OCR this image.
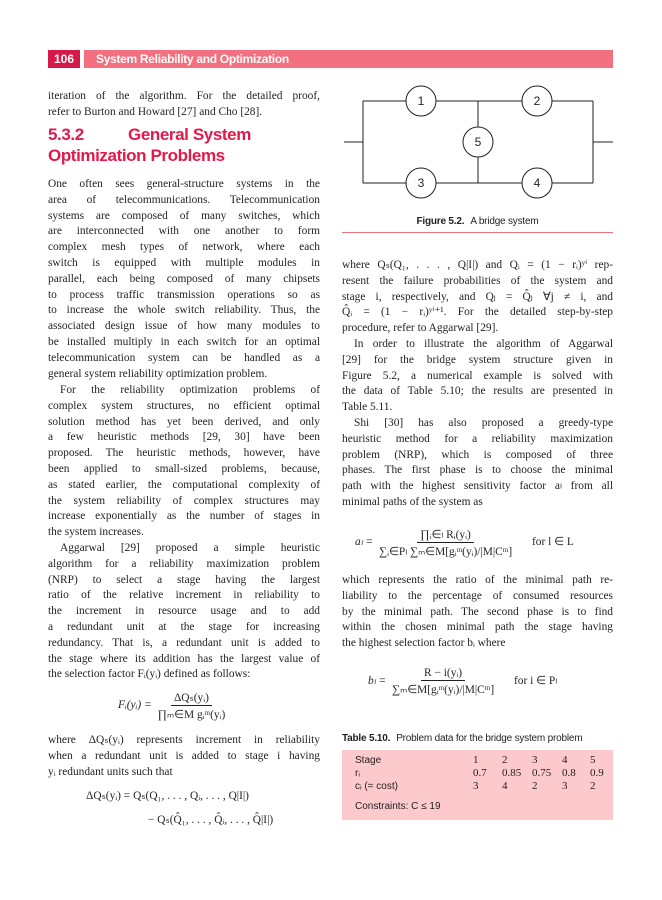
106	System Reliability and Optimization
iteration of the algorithm. For the detailed proof,
refer to Burton and Howard [27] and Cho [28].
5.3.2	General System Optimization Problems
One often sees general-structure systems in the
area of telecommunications. Telecommunication
systems are composed of many switches, which
are interconnected with one another to form
complex mesh types of network, where each
switch is equipped with multiple modules in
parallel, each being composed of many chipsets
to process traffic transmission operations so as
to increase the whole switch reliability. Thus, the
associated design issue of how many modules to
be installed multiply in each switch for an optimal
telecommunication system can be handled as a
general system reliability optimization problem.
For the reliability optimization problems of
complex system structures, no efficient optimal
solution method has yet been derived, and only
a few heuristic methods [29, 30] have been
proposed. The heuristic methods, however, have
been applied to small-sized problems, because,
as stated earlier, the computational complexity of
the system reliability of complex structures may
increase exponentially as the number of stages in
the system increases.
Aggarwal [29] proposed a simple heuristic
algorithm for a reliability maximization problem
(NRP) to select a stage having the largest
ratio of the relative increment in reliability to
the increment in resource usage and to add
a redundant unit at the stage for increasing
redundancy. That is, a redundant unit is added to
the stage where its addition has the largest value of
the selection factor Fᵢ(yᵢ) defined as follows:
Fᵢ(yᵢ) = $\frac{\text{ΔQₛ(yᵢ)}}{\text{∏ₘ∈M gᵢᵐ(yᵢ)}}$
where ΔQₛ(yᵢ) represents increment in reliability
when a redundant unit is added to stage i having
yᵢ redundant units such that
ΔQₛ(yᵢ) = Qₛ(Q₁, . . . , Qᵢ, . . . , Q|I|)
− Qₛ(Q̂₁, . . . , Q̂ᵢ, . . . , Q̂|I|)
1	2
3	4
5
Figure 5.2. A bridge system
where Qₛ(Q₁, . . . , Q|I|) and Qᵢ = (1 − rᵢ)ʸⁱ rep-
resent the failure probabilities of the system and
stage i, respectively, and Qⱼ = Q̂ⱼ ∀j ≠ i, and
Q̂ᵢ = (1 − rᵢ)ʸⁱ⁺¹. For the detailed step-by-step
procedure, refer to Aggarwal [29].
In order to illustrate the algorithm of Aggarwal
[29] for the bridge system structure given in
Figure 5.2, a numerical example is solved with
the data of Table 5.10; the results are presented in
Table 5.11.
Shi [30] has also proposed a greedy-type
heuristic method for a reliability maximization
problem (NRP), which is composed of three
phases. The first phase is to choose the minimal
path with the highest sensitivity factor aₗ from all
minimal paths of the system as
$a_l = \frac{\text{∏ᵢ∈ₗ Rᵢ(yᵢ)}}{\text{∑ᵢ∈Pₗ ∑ₘ∈M[gᵢᵐ(yᵢ)/|M|Cᵐ]}}$ for l ∈ L
which represents the ratio of the minimal path re-
liability to the percentage of consumed resources
by the minimal path. The second phase is to find
within the chosen minimal path the stage having
the highest selection factor bᵢ where
$b_l = \frac{\text{R − i(yᵢ)}}{\text{∑ₘ∈M[gᵢᵐ(yᵢ)/|M|Cᵐ]}}$ for i ∈ Pₗ
Table 5.10. Problem data for the bridge system problem
Constraints: C ≤ 19
Stage	1 2 3 4 5
rᵢ	0.7 0.85 0.75 0.8 0.9
cᵢ (= cost)	3 4 2 3 2
